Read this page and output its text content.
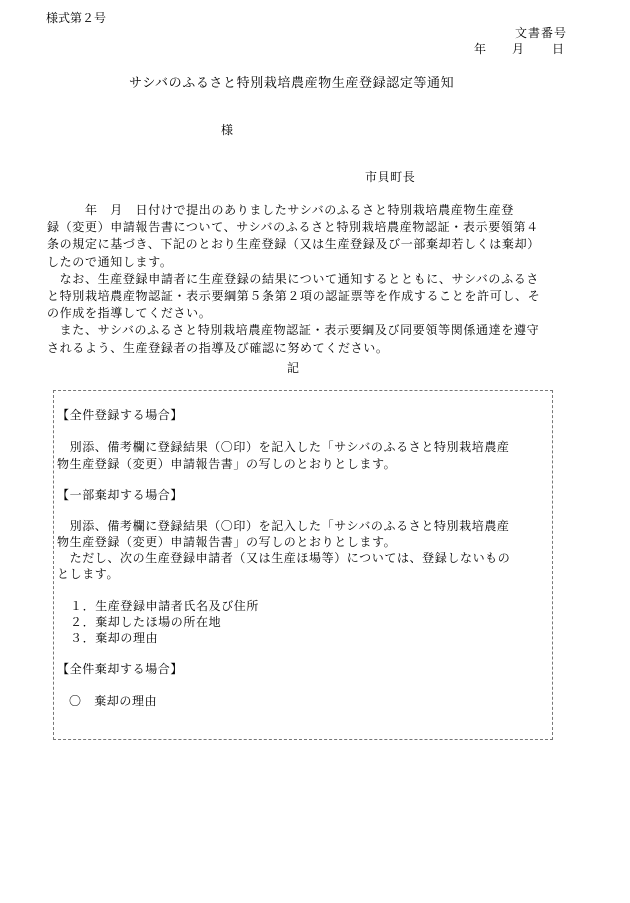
様式第２号
文書番号
年 月 日
サシバのふるさと特別栽培農産物生産登録認定等通知
様
市貝町長
　　　年　月　日付けで提出のありましたサシバのふるさと特別栽培農産物生産登
録（変更）申請報告書について、サシバのふるさと特別栽培農産物認証・表示要領第４
条の規定に基づき、下記のとおり生産登録（又は生産登録及び一部棄却若しくは棄却）
したので通知します。
　なお、生産登録申請者に生産登録の結果について通知するとともに、サシバのふるさ
と特別栽培農産物認証・表示要綱第５条第２項の認証票等を作成することを許可し、そ
の作成を指導してください。
　また、サシバのふるさと特別栽培農産物認証・表示要綱及び同要領等関係通達を遵守
されるよう、生産登録者の指導及び確認に努めてください。
記
【全件登録する場合】
　別添、備考欄に登録結果（〇印）を記入した「サシバのふるさと特別栽培農産
物生産登録（変更）申請報告書」の写しのとおりとします。
【一部棄却する場合】
　別添、備考欄に登録結果（〇印）を記入した「サシバのふるさと特別栽培農産
物生産登録（変更）申請報告書」の写しのとおりとします。
　ただし、次の生産登録申請者（又は生産ほ場等）については、登録しないもの
とします。
１．生産登録申請者氏名及び住所
２．棄却したほ場の所在地
３．棄却の理由
【全件棄却する場合】
〇　棄却の理由
